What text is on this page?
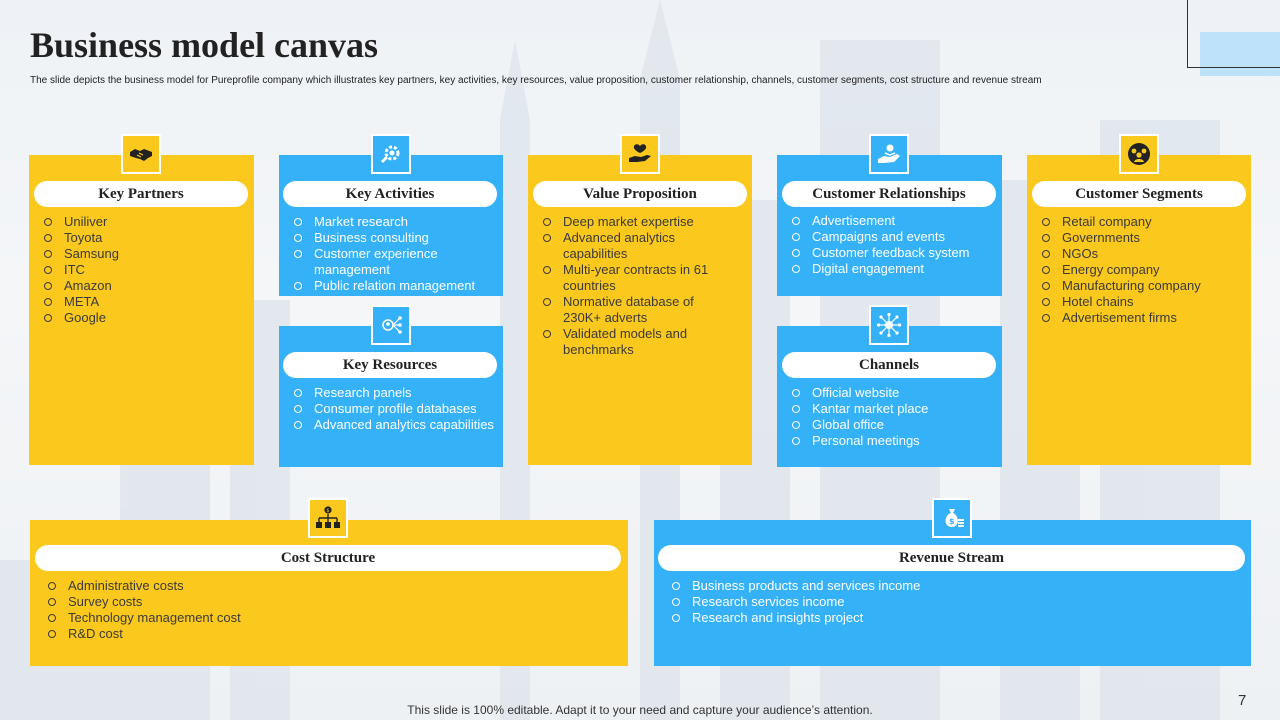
Business model canvas

The slide depicts the business model for Pureprofile company which illustrates key partners, key activities, key resources, value proposition, customer relationship, channels, customer segments, cost structure and revenue stream

Key Partners
Uniliver
Toyota
Samsung
ITC
Amazon
META
Google
Key Activities
Market research
Business consulting
Customer experience management
Public relation management
Key Resources
Research panels
Consumer profile databases
Advanced analytics capabilities
Value Proposition
Deep market expertise
Advanced analytics capabilities
Multi-year contracts in 61 countries
Normative database of 230K+ adverts
Validated models and benchmarks
Customer Relationships
Advertisement
Campaigns and events
Customer feedback system
Digital engagement
Channels
Official website
Kantar market place
Global office
Personal meetings
Customer Segments
Retail company
Governments
NGOs
Energy company
Manufacturing company
Hotel chains
Advertisement firms
Cost Structure
Administrative costs
Survey costs
Technology management cost
R&D cost
$
Revenue Stream
Business products and services income
Research services income
Research and insights project
$
This slide is 100% editable. Adapt it to your need and capture your audience’s attention.
7
